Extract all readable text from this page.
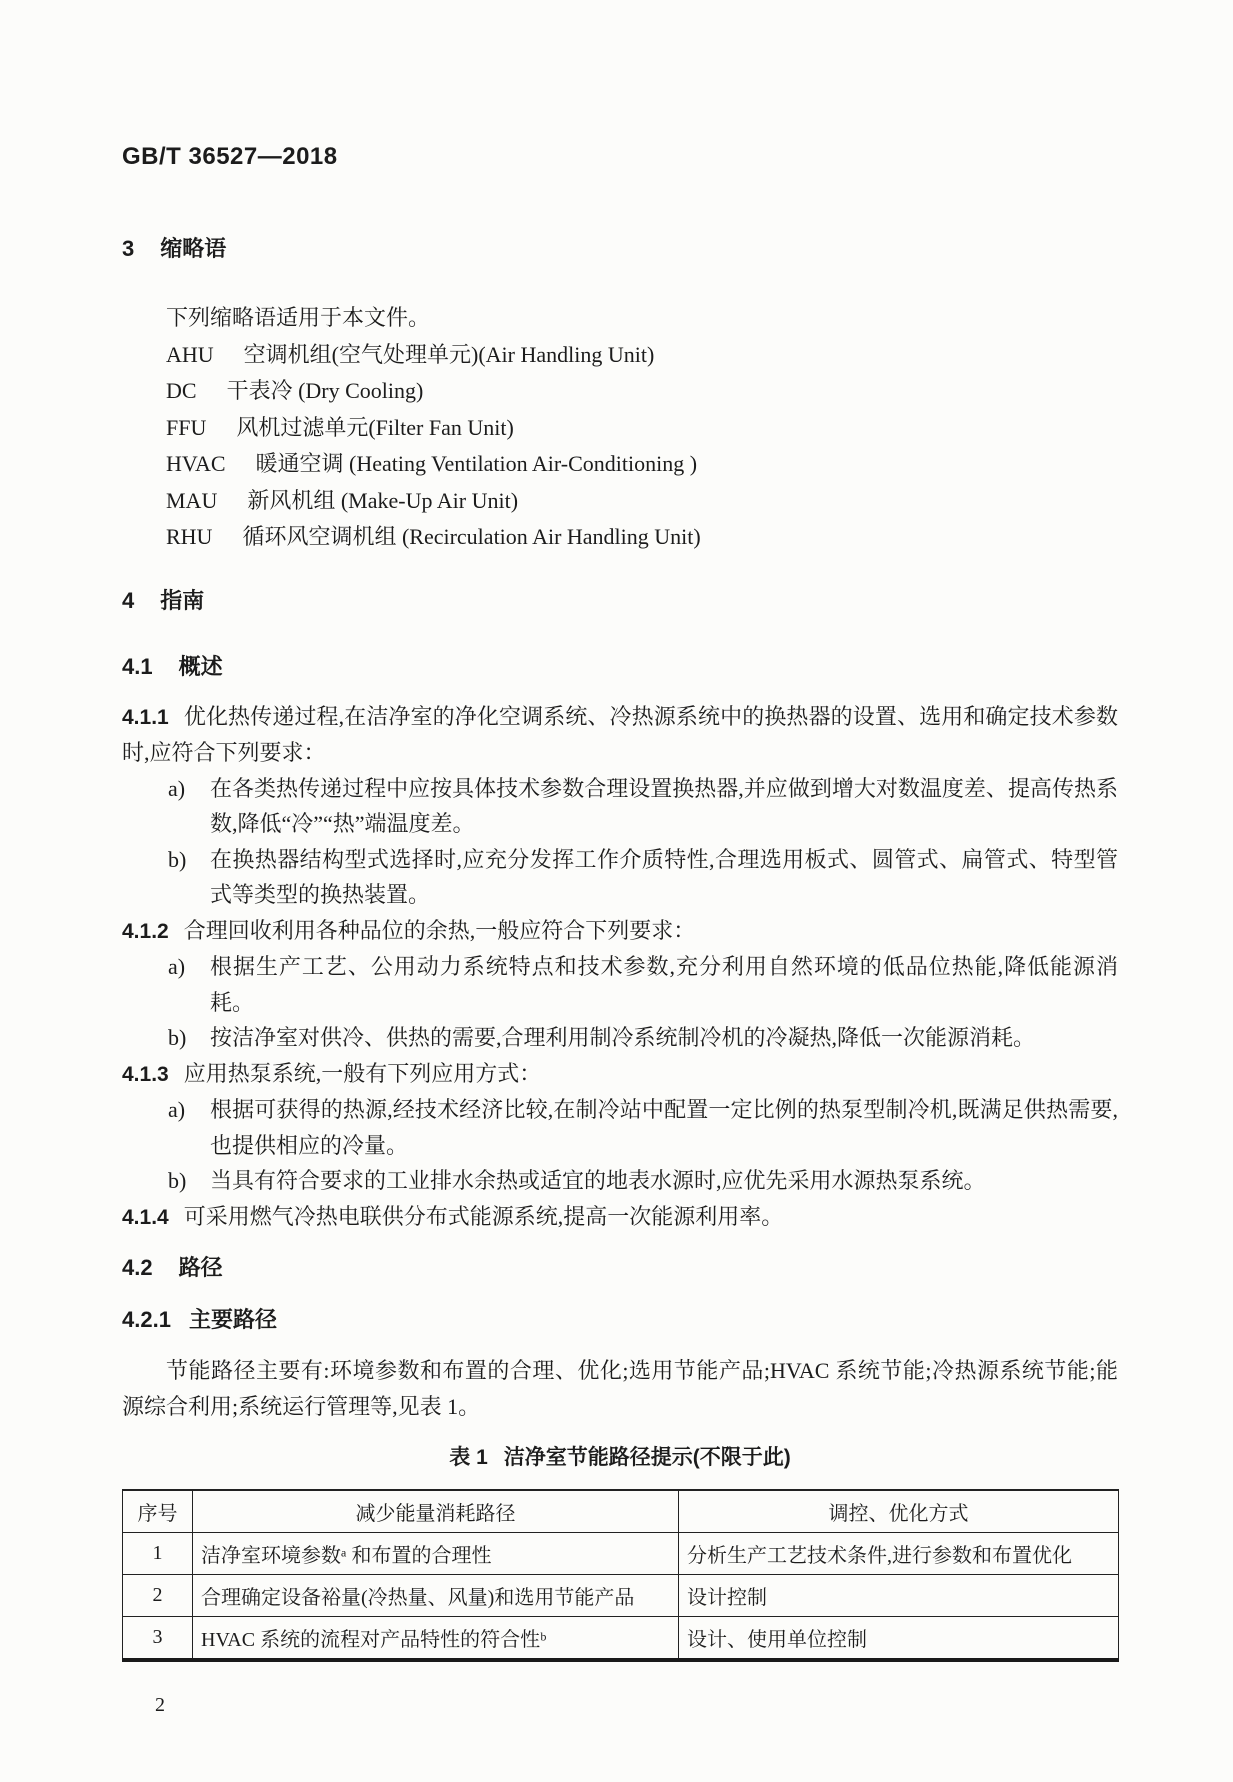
GB/T 36527—2018
3 缩略语
下列缩略语适用于本文件。
AHU 空调机组(空气处理单元)(Air Handling Unit)
DC 干表冷 (Dry Cooling)
FFU 风机过滤单元(Filter Fan Unit)
HVAC 暖通空调 (Heating Ventilation Air-Conditioning )
MAU 新风机组 (Make-Up Air Unit)
RHU 循环风空调机组 (Recirculation Air Handling Unit)
4 指南
4.1 概述
4.1.1 优化热传递过程,在洁净室的净化空调系统、冷热源系统中的换热器的设置、选用和确定技术参数时,应符合下列要求：
a) 在各类热传递过程中应按具体技术参数合理设置换热器,并应做到增大对数温度差、提高传热系数,降低“冷”“热”端温度差。
b) 在换热器结构型式选择时,应充分发挥工作介质特性,合理选用板式、圆管式、扁管式、特型管式等类型的换热装置。
4.1.2 合理回收利用各种品位的余热,一般应符合下列要求：
a) 根据生产工艺、公用动力系统特点和技术参数,充分利用自然环境的低品位热能,降低能源消耗。
b) 按洁净室对供冷、供热的需要,合理利用制冷系统制冷机的冷凝热,降低一次能源消耗。
4.1.3 应用热泵系统,一般有下列应用方式：
a) 根据可获得的热源,经技术经济比较,在制冷站中配置一定比例的热泵型制冷机,既满足供热需要,也提供相应的冷量。
b) 当具有符合要求的工业排水余热或适宜的地表水源时,应优先采用水源热泵系统。
4.1.4 可采用燃气冷热电联供分布式能源系统,提高一次能源利用率。
4.2 路径
4.2.1 主要路径
节能路径主要有:环境参数和布置的合理、优化;选用节能产品;HVAC 系统节能;冷热源系统节能;能源综合利用;系统运行管理等,见表 1。
表 1 洁净室节能路径提示(不限于此)
序号	减少能量消耗路径	调控、优化方式
1	洁净室环境参数ᵃ 和布置的合理性	分析生产工艺技术条件,进行参数和布置优化
2	合理确定设备裕量(冷热量、风量)和选用节能产品	设计控制
3	HVAC 系统的流程对产品特性的符合性ᵇ	设计、使用单位控制
2
